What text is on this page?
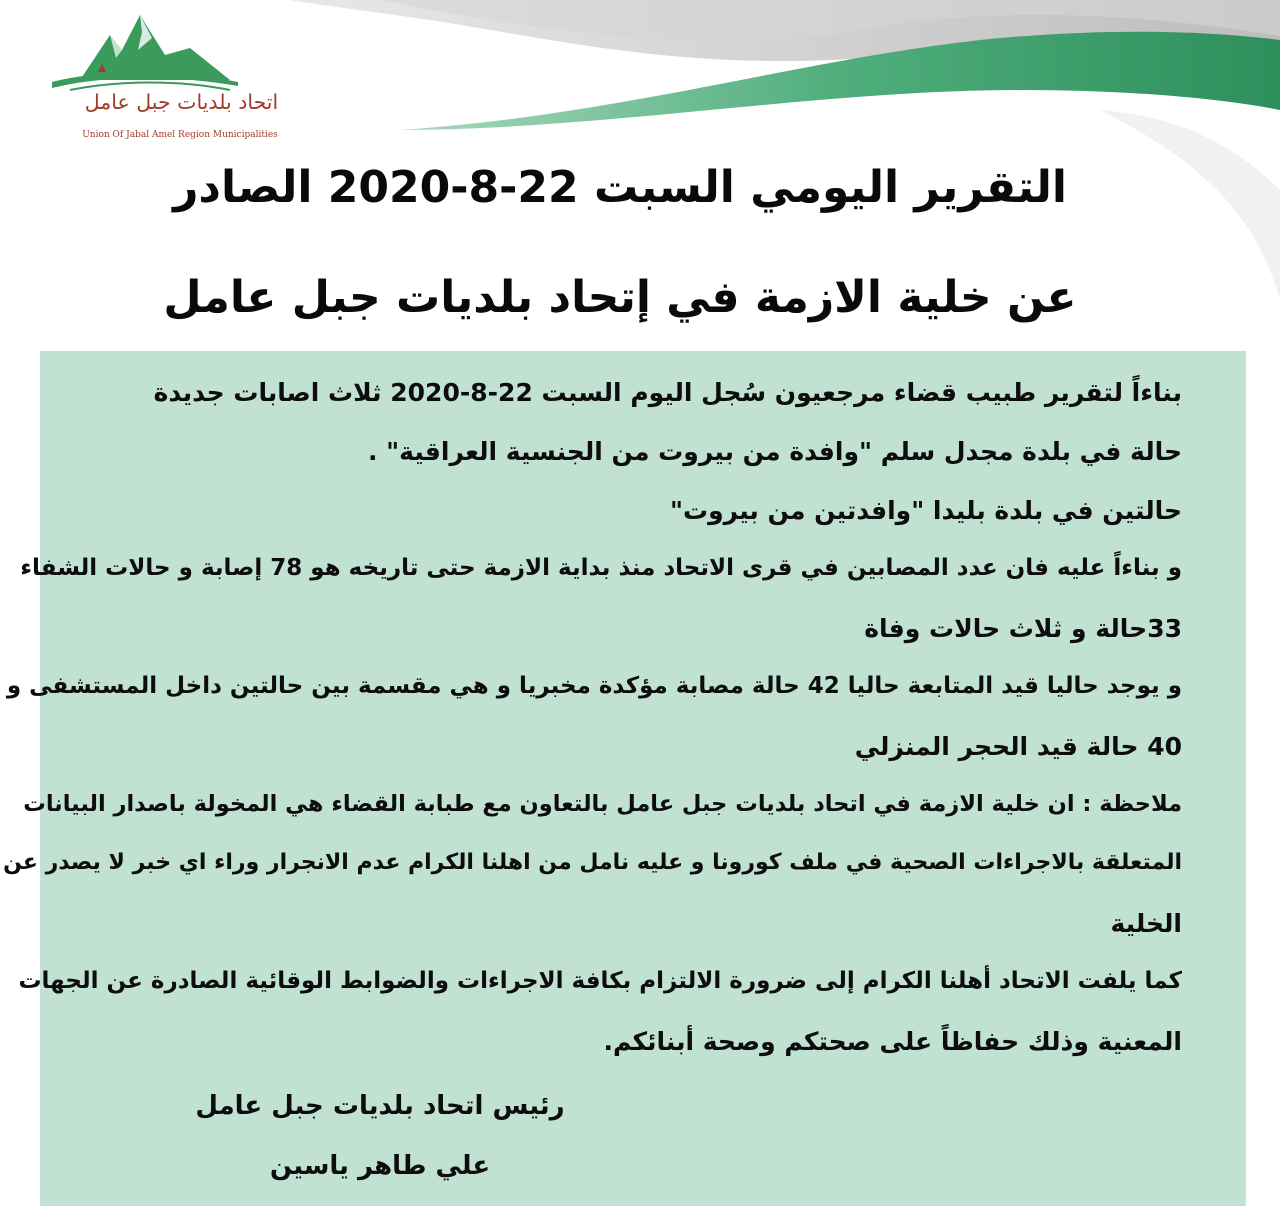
اتحاد بلديات جبل عامل
Union Of Jabal Amel Region Municipalities
التقرير اليومي السبت 22-8-2020 الصادر
عن خلية الازمة في إتحاد بلديات جبل عامل
بناءاً لتقرير طبيب قضاء مرجعيون سُجل اليوم السبت 22-8-2020 ثلاث اصابات جديدة
حالة في بلدة مجدل سلم "وافدة من بيروت من الجنسية العراقية" .
حالتين في بلدة بليدا "وافدتين من بيروت"
و بناءاً عليه فان عدد المصابين في قرى الاتحاد منذ بداية الازمة حتى تاريخه هو 78 إصابة و حالات الشفاء
33حالة و ثلاث حالات وفاة
و يوجد حاليا قيد المتابعة حاليا 42 حالة مصابة مؤكدة مخبريا و هي مقسمة بين حالتين داخل المستشفى و
40 حالة قيد الحجر المنزلي
ملاحظة : ان خلية الازمة في اتحاد بلديات جبل عامل بالتعاون مع طبابة القضاء هي المخولة باصدار البيانات
المتعلقة بالاجراءات الصحية في ملف كورونا و عليه نامل من اهلنا الكرام عدم الانجرار وراء اي خبر لا يصدر عن
الخلية
كما يلفت الاتحاد أهلنا الكرام إلى ضرورة الالتزام بكافة الاجراءات والضوابط الوقائية الصادرة عن الجهات
المعنية وذلك حفاظاً على صحتكم وصحة أبنائكم.
رئيس اتحاد بلديات جبل عامل
علي طاهر ياسين
